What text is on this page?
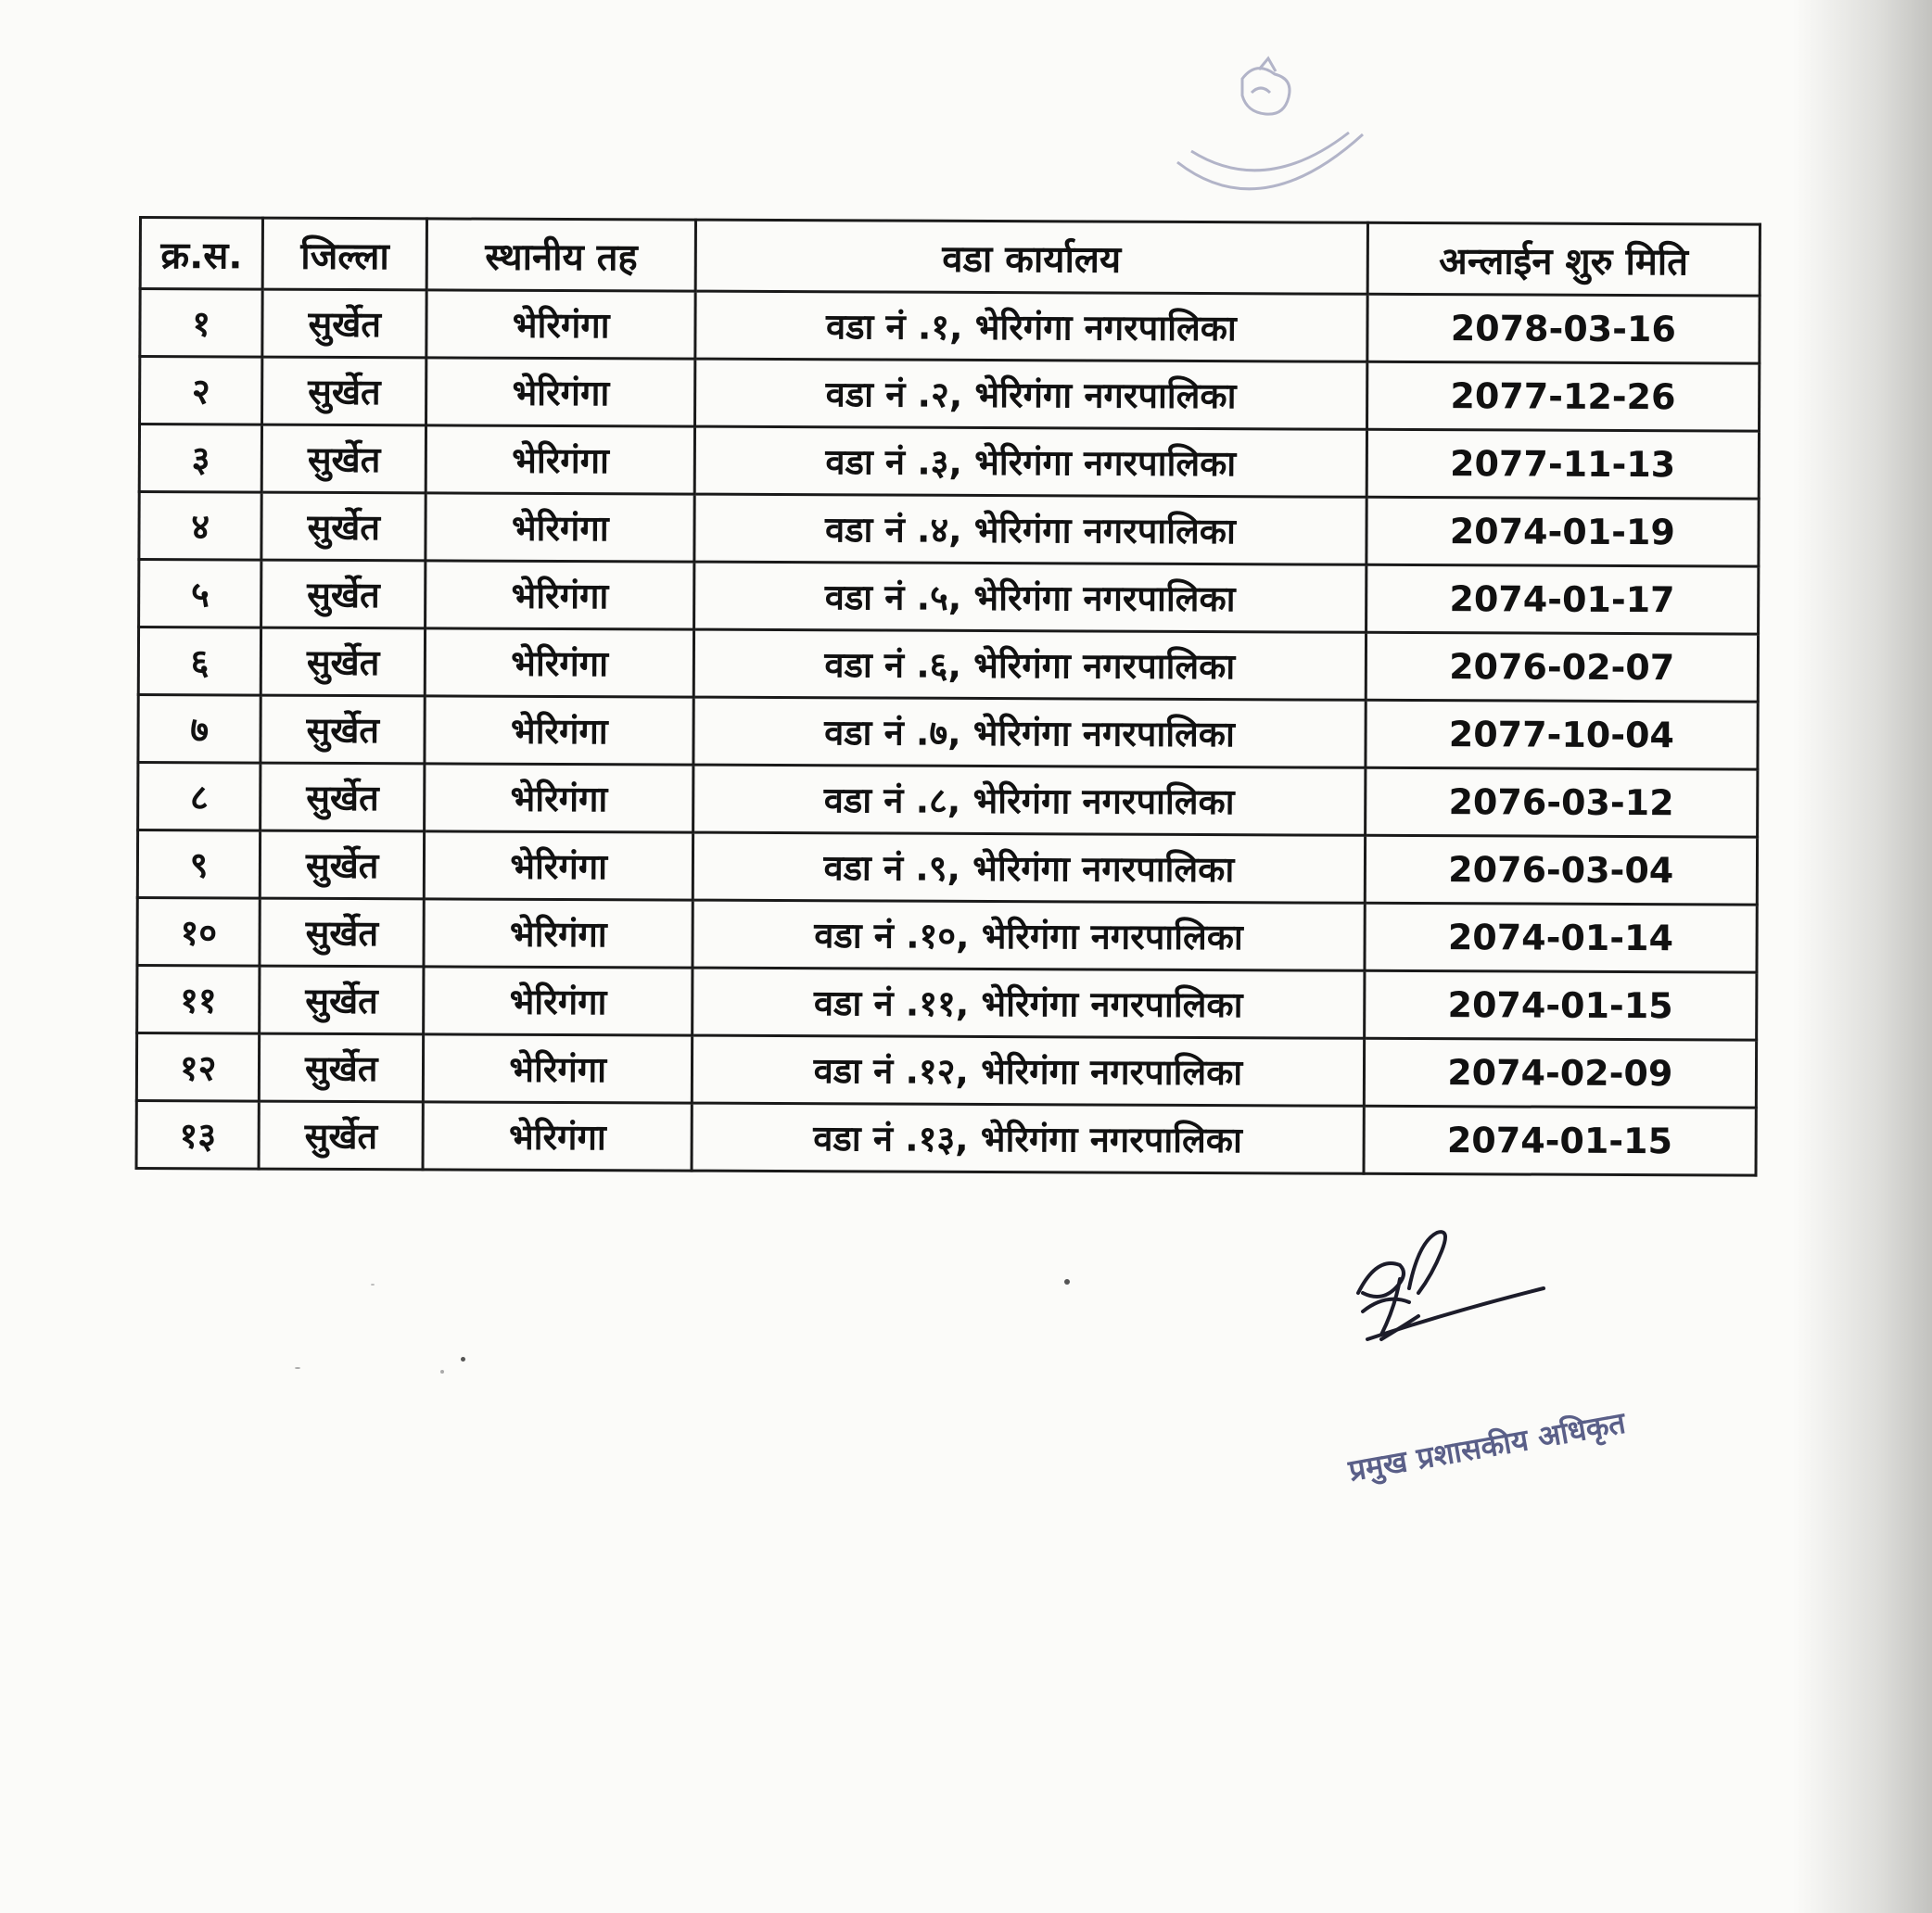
क्र.स.	जिल्ला	स्थानीय तह	वडा कार्यालय	अन्लाईन शुरु मिति
१	सुर्खेत	भेरिगंगा	वडा नं .१, भेरिगंगा नगरपालिका	2078-03-16
२	सुर्खेत	भेरिगंगा	वडा नं .२, भेरिगंगा नगरपालिका	2077-12-26
३	सुर्खेत	भेरिगंगा	वडा नं .३, भेरिगंगा नगरपालिका	2077-11-13
४	सुर्खेत	भेरिगंगा	वडा नं .४, भेरिगंगा नगरपालिका	2074-01-19
५	सुर्खेत	भेरिगंगा	वडा नं .५, भेरिगंगा नगरपालिका	2074-01-17
६	सुर्खेत	भेरिगंगा	वडा नं .६, भेरिगंगा नगरपालिका	2076-02-07
७	सुर्खेत	भेरिगंगा	वडा नं .७, भेरिगंगा नगरपालिका	2077-10-04
८	सुर्खेत	भेरिगंगा	वडा नं .८, भेरिगंगा नगरपालिका	2076-03-12
९	सुर्खेत	भेरिगंगा	वडा नं .९, भेरिगंगा नगरपालिका	2076-03-04
१०	सुर्खेत	भेरिगंगा	वडा नं .१०, भेरिगंगा नगरपालिका	2074-01-14
११	सुर्खेत	भेरिगंगा	वडा नं .११, भेरिगंगा नगरपालिका	2074-01-15
१२	सुर्खेत	भेरिगंगा	वडा नं .१२, भेरिगंगा नगरपालिका	2074-02-09
१३	सुर्खेत	भेरिगंगा	वडा नं .१३, भेरिगंगा नगरपालिका	2074-01-15
प्रमुख प्रशासकीय अधिकृत
